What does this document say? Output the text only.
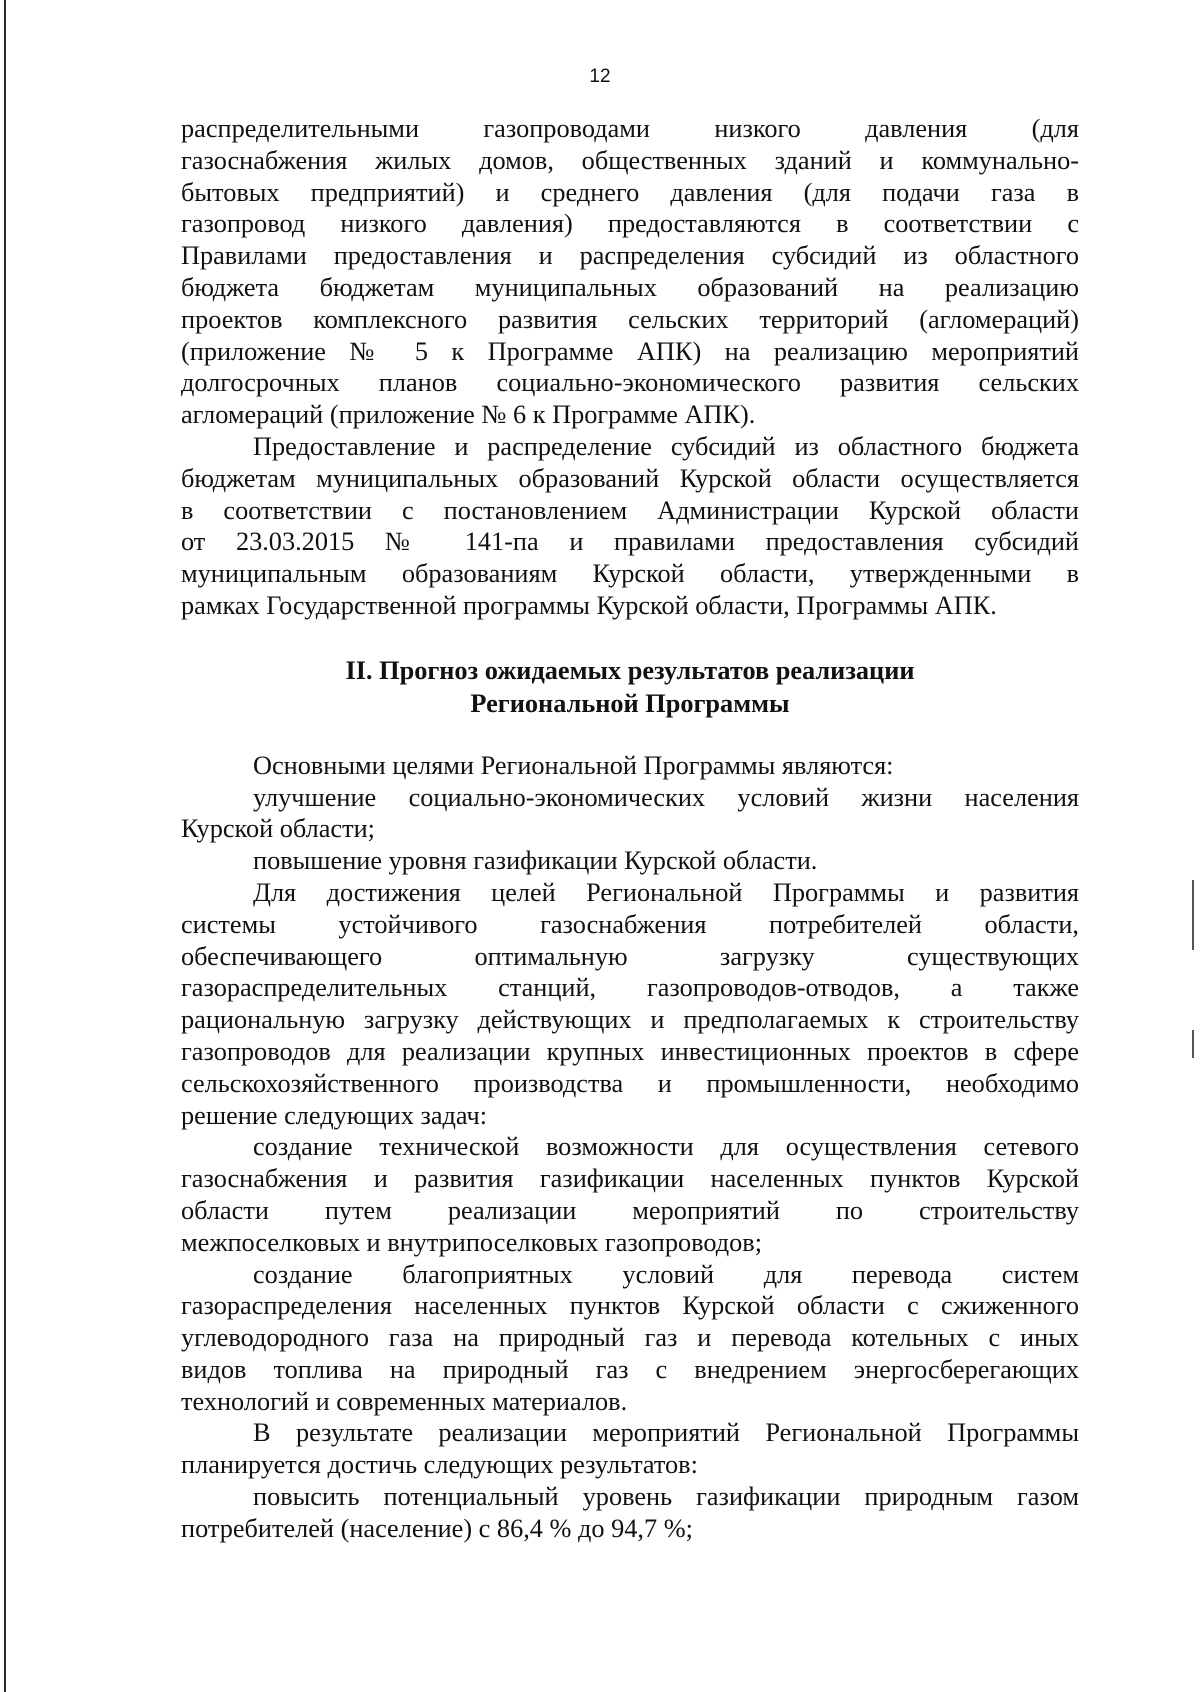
12

распределительными газопроводами низкого давления (для
газоснабжения жилых домов, общественных зданий и коммунально-
бытовых предприятий) и среднего давления (для подачи газа в
газопровод низкого давления) предоставляются в соответствии с
Правилами предоставления и распределения субсидий из областного
бюджета бюджетам муниципальных образований на реализацию
проектов комплексного развития сельских территорий (агломераций)
(приложение № 5 к Программе АПК) на реализацию мероприятий
долгосрочных планов социально-экономического развития сельских
агломераций (приложение № 6 к Программе АПК).

Предоставление и распределение субсидий из областного бюджета
бюджетам муниципальных образований Курской области осуществляется
в соответствии с постановлением Администрации Курской области
от 23.03.2015 № 141-па и правилами предоставления субсидий
муниципальным образованиям Курской области, утвержденными в
рамках Государственной программы Курской области, Программы АПК.

II. Прогноз ожидаемых результатов реализации
Региональной Программы

Основными целями Региональной Программы являются:

улучшение социально-экономических условий жизни населения
Курской области;

повышение уровня газификации Курской области.

Для достижения целей Региональной Программы и развития
системы устойчивого газоснабжения потребителей области,
обеспечивающего оптимальную загрузку существующих
газораспределительных станций, газопроводов-отводов, а также
рациональную загрузку действующих и предполагаемых к строительству
газопроводов для реализации крупных инвестиционных проектов в сфере
сельскохозяйственного производства и промышленности, необходимо
решение следующих задач:

создание технической возможности для осуществления сетевого
газоснабжения и развития газификации населенных пунктов Курской
области путем реализации мероприятий по строительству
межпоселковых и внутрипоселковых газопроводов;

создание благоприятных условий для перевода систем
газораспределения населенных пунктов Курской области с сжиженного
углеводородного газа на природный газ и перевода котельных с иных
видов топлива на природный газ с внедрением энергосберегающих
технологий и современных материалов.

В результате реализации мероприятий Региональной Программы
планируется достичь следующих результатов:

повысить потенциальный уровень газификации природным газом
потребителей (население) с 86,4 % до 94,7 %;
